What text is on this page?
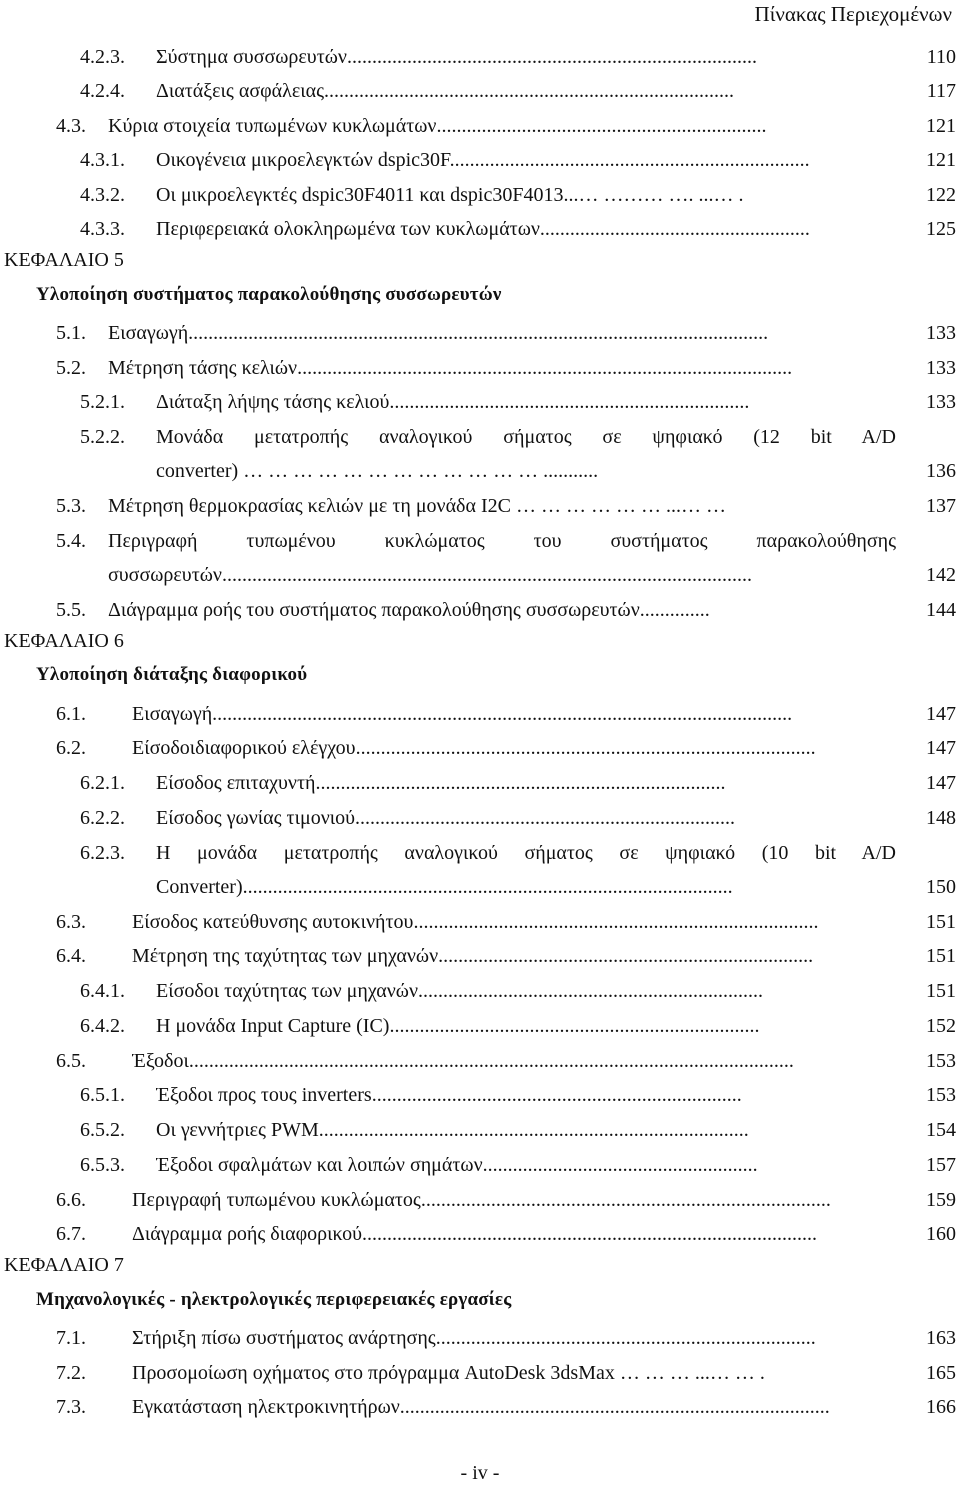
Πίνακας Περιεχομένων
4.2.3. Σύστημα συσσωρευτών..................................................................................	110
4.2.4. Διατάξεις ασφάλειας..................................................................................	117
4.3. Κύρια στοιχεία τυπωμένων κυκλωμάτων..................................................................	121
4.3.1. Οικογένεια μικροελεγκτών dspic30F........................................................................	121
4.3.2. Οι μικροελεγκτές dspic30F4011 και dspic30F4013...… ……… …. ...… .	122
4.3.3. Περιφερειακά ολοκληρωμένα των κυκλωμάτων......................................................	125
ΚΕΦΑΛΑΙΟ 5
Υλοποίηση συστήματος παρακολούθησης συσσωρευτών
5.1. Εισαγωγή....................................................................................................................	133
5.2. Μέτρηση τάσης κελιών...................................................................................................	133
5.2.1. Διάταξη λήψης τάσης κελιού........................................................................	133
5.2.2. Μονάδα μετατροπής αναλογικού σήματος σε ψηφιακό (12 bit A/D
converter) … … … … … … … … … … … … ...........	136
5.3. Μέτρηση θερμοκρασίας κελιών με τη μονάδα I2C … … … … … … ...… …	137
5.4. Περιγραφή τυπωμένου κυκλώματος του συστήματος παρακολούθησης
συσσωρευτών..........................................................................................................	142
5.5. Διάγραμμα ροής του συστήματος παρακολούθησης συσσωρευτών..............	144
ΚΕΦΑΛΑΙΟ 6
Υλοποίηση διάταξης διαφορικού
6.1. Εισαγωγή....................................................................................................................	147
6.2. Είσοδοιδιαφορικού ελέγχου............................................................................................	147
6.2.1. Είσοδος επιταχυντή..................................................................................	147
6.2.2. Είσοδος γωνίας τιμονιού............................................................................	148
6.2.3. Η μονάδα μετατροπής αναλογικού σήματος σε ψηφιακό (10 bit A/D
Converter)..................................................................................................	150
6.3. Είσοδος κατεύθυνσης αυτοκινήτου.................................................................................	151
6.4. Μέτρηση της ταχύτητας των μηχανών...........................................................................	151
6.4.1. Είσοδοι ταχύτητας των μηχανών.....................................................................	151
6.4.2. Η μονάδα Input Capture (IC)..........................................................................	152
6.5. Έξοδοι.........................................................................................................................	153
6.5.1. Έξοδοι προς τους inverters..........................................................................	153
6.5.2. Οι γεννήτριες PWM......................................................................................	154
6.5.3. Έξοδοι σφαλμάτων και λοιπών σημάτων.......................................................	157
6.6. Περιγραφή τυπωμένου κυκλώματος..................................................................................	159
6.7. Διάγραμμα ροής διαφορικού...........................................................................................	160
ΚΕΦΑΛΑΙΟ 7
Μηχανολογικές - ηλεκτρολογικές περιφερειακές εργασίες
7.1. Στήριξη πίσω συστήματος ανάρτησης............................................................................	163
7.2. Προσομοίωση οχήματος στο πρόγραμμα AutoDesk 3dsMax … … … ...… … .	165
7.3. Εγκατάσταση ηλεκτροκινητήρων......................................................................................	166
- iv -
